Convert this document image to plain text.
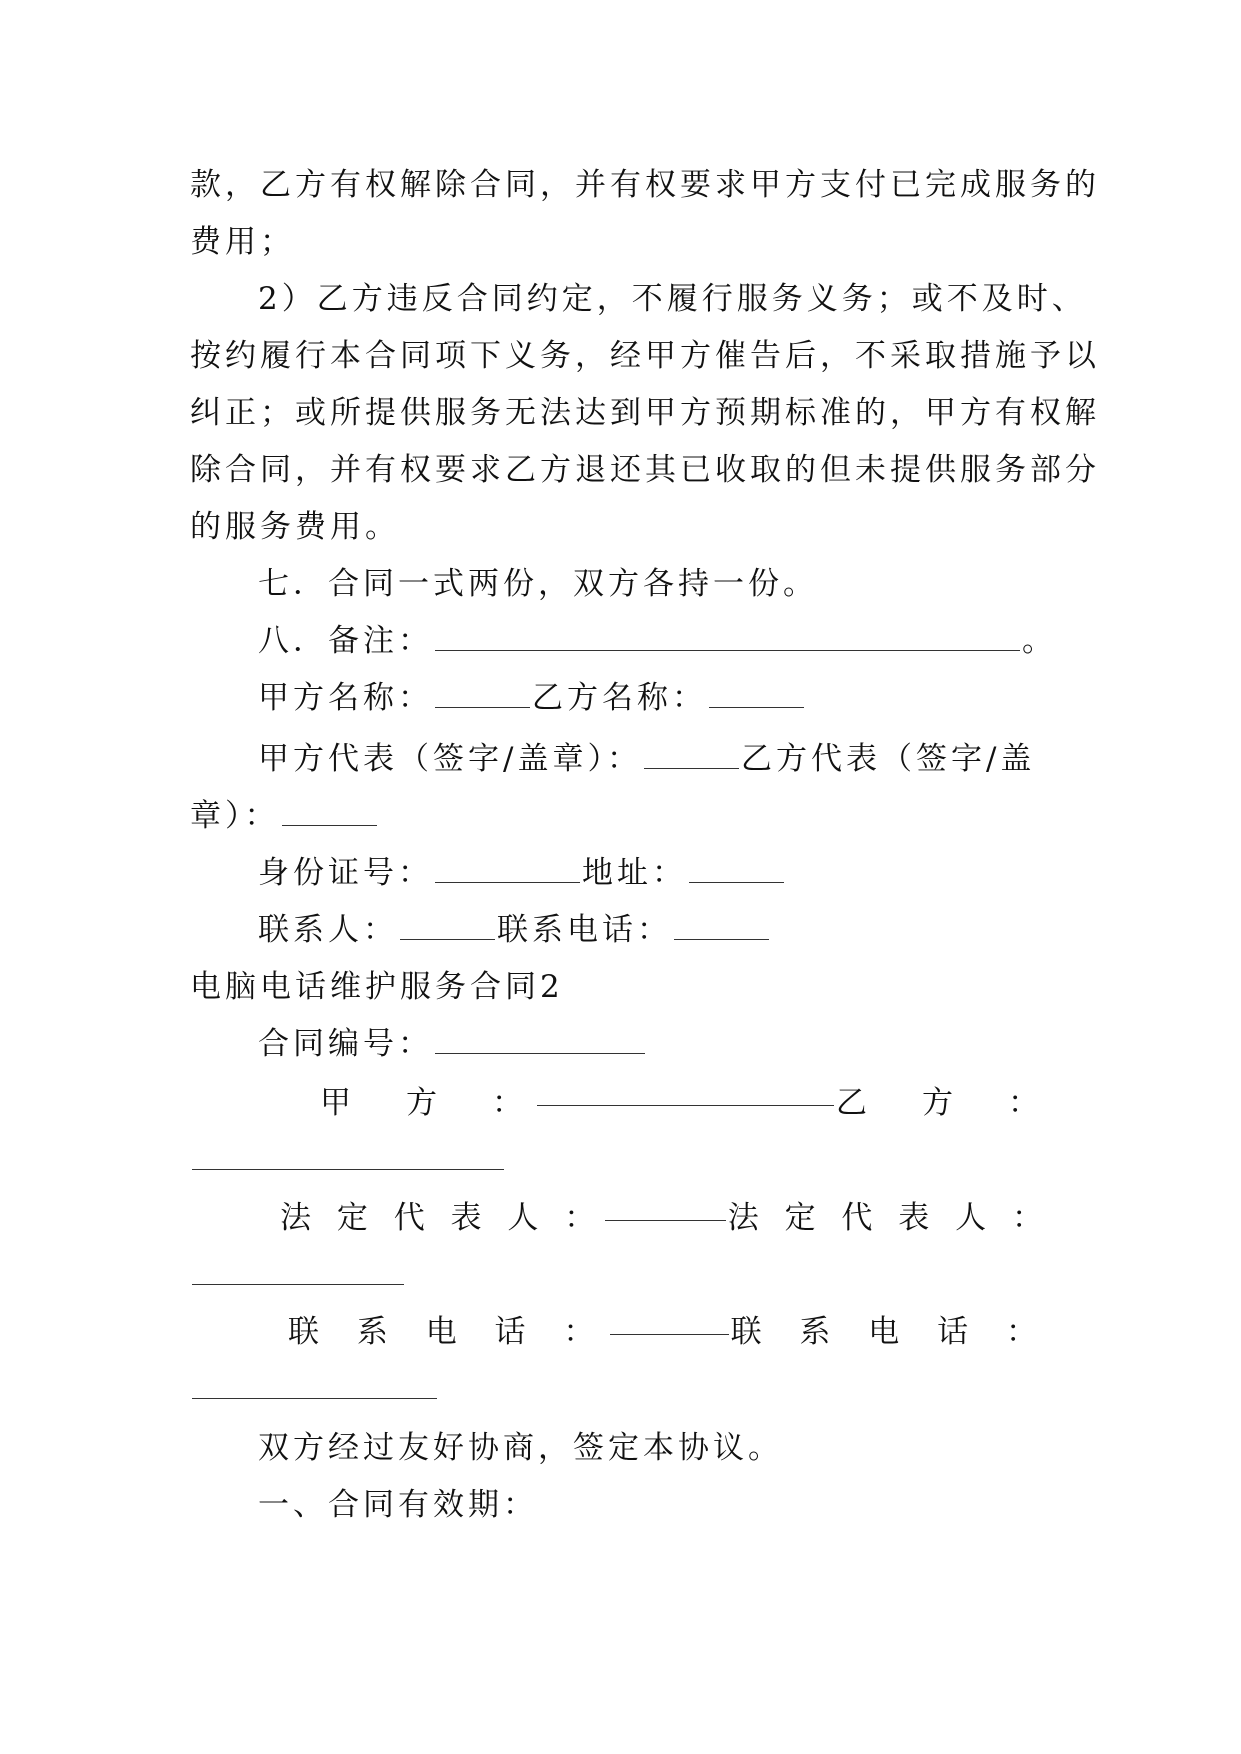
款，乙方有权解除合同，并有权要求甲方支付已完成服务的
费用；
2）乙方违反合同约定，不履行服务义务；或不及时、
按约履行本合同项下义务，经甲方催告后，不采取措施予以
纠正；或所提供服务无法达到甲方预期标准的，甲方有权解
除合同，并有权要求乙方退还其已收取的但未提供服务部分
的服务费用。
七．合同一式两份，双方各持一份。
八．备注：	。
甲方名称：	乙方名称：
甲方代表（签字/盖章）：	乙方代表（签字/盖
章）：
身份证号：	地址：
联系人：	联系电话：
电脑电话维护服务合同2
合同编号：
甲　方　：	乙　方　：
法 定 代 表 人 ：	法 定 代 表 人 ：
联 系 电 话 ：	联 系 电 话 ：
双方经过友好协商，签定本协议。
一、合同有效期：
